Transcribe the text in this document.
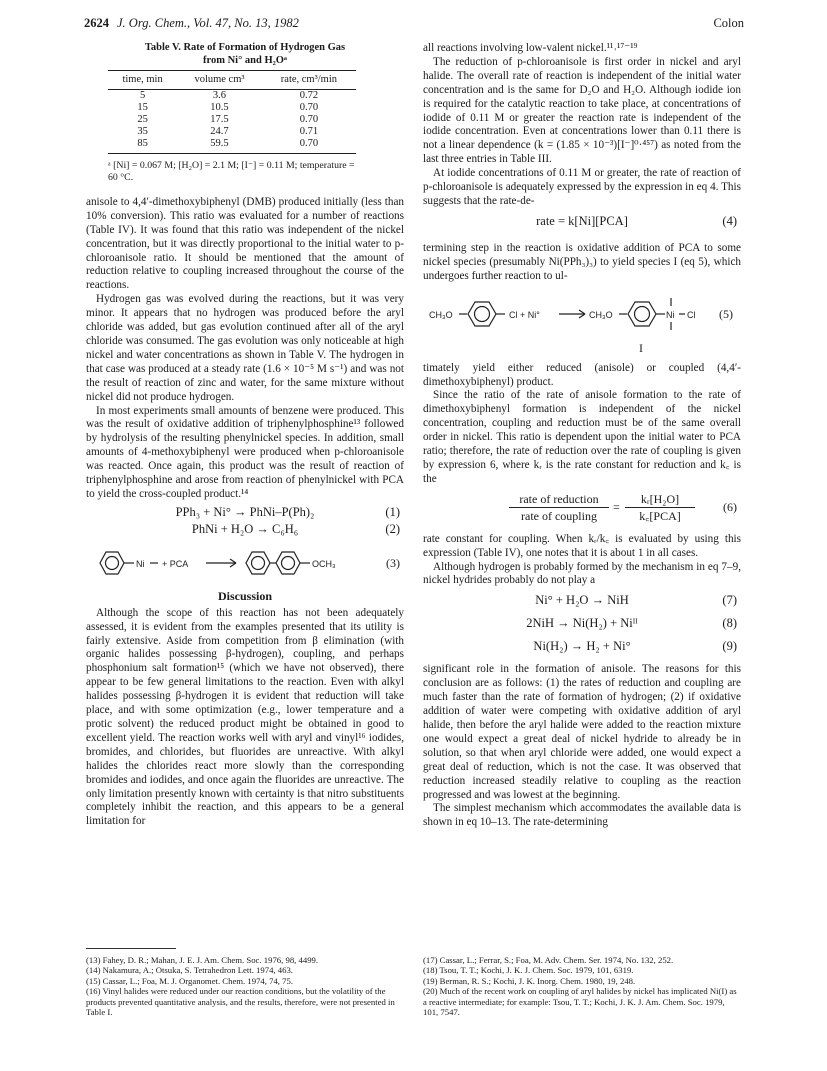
2624 J. Org. Chem., Vol. 47, No. 13, 1982	Colon
Table V. Rate of Formation of Hydrogen Gas
from Ni° and H₂Oᵃ
time, min	volume cm³	rate, cm³/min
5	3.6	0.72
15	10.5	0.70
25	17.5	0.70
35	24.7	0.71
85	59.5	0.70
ᵃ [Ni] = 0.067 M; [H₂O] = 2.1 M; [I⁻] = 0.11 M; temperature = 60 °C.

anisole to 4,4′-dimethoxybiphenyl (DMB) produced initially (less than 10% conversion). This ratio was evaluated for a number of reactions (Table IV). It was found that this ratio was independent of the nickel concentration, but it was directly proportional to the initial water to p-chloroanisole ratio. It should be mentioned that the amount of reduction relative to coupling increased throughout the course of the reactions.

Hydrogen gas was evolved during the reactions, but it was very minor. It appears that no hydrogen was produced before the aryl chloride was added, but gas evolution continued after all of the aryl chloride was consumed. The gas evolution was only noticeable at high nickel and water concentrations as shown in Table V. The hydrogen in that case was produced at a steady rate (1.6 × 10⁻⁵ M s⁻¹) and was not the result of reaction of zinc and water, for the same mixture without nickel did not produce hydrogen.

In most experiments small amounts of benzene were produced. This was the result of oxidative addition of triphenylphosphine¹³ followed by hydrolysis of the resulting phenylnickel species. In addition, small amounts of 4-methoxybiphenyl were produced when p-chloroanisole was reacted. Once again, this product was the result of reaction of triphenylphosphine and arose from reaction of phenylnickel with PCA to yield the cross-coupled product.¹⁴

PPh₃ + Ni° → PhNi–P(Ph)₂	(1)
PhNi + H₂O → C₆H₆	(2)
Ni + PCA	OCH₃	(3)
Discussion

Although the scope of this reaction has not been adequately assessed, it is evident from the examples presented that its utility is fairly extensive. Aside from competition from β elimination (with organic halides possessing β-hydrogen), coupling, and perhaps phosphonium salt formation¹⁵ (which we have not observed), there appear to be few general limitations to the reaction. Even with alkyl halides possessing β-hydrogen it is evident that reduction will take place, and with some optimization (e.g., lower temperature and a protic solvent) the reduced product might be obtained in good to excellent yield. The reaction works well with aryl and vinyl¹⁶ iodides, bromides, and chlorides, but fluorides are unreactive. With alkyl halides the chlorides react more slowly than the corresponding bromides and iodides, and once again the fluorides are unreactive. The only limitation presently known with certainty is that nitro substituents completely inhibit the reaction, and this appears to be a general limitation for

all reactions involving low-valent nickel.¹¹˒¹⁷⁻¹⁹

The reduction of p-chloroanisole is first order in nickel and aryl halide. The overall rate of reaction is independent of the initial water concentration and is the same for D₂O and H₂O. Although iodide ion is required for the catalytic reaction to take place, at concentrations of iodide of 0.11 M or greater the reaction rate is independent of the iodide concentration. Even at concentrations lower than 0.11 there is not a linear dependence (k = (1.85 × 10⁻³)[I⁻]⁰·⁴⁵⁷) as noted from the last three entries in Table III.

At iodide concentrations of 0.11 M or greater, the rate of reaction of p-chloroanisole is adequately expressed by the expression in eq 4. This suggests that the rate-de-

rate = k[Ni][PCA]	(4)

termining step in the reaction is oxidative addition of PCA to some nickel species (presumably Ni(PPh₃)₃) to yield species I (eq 5), which undergoes further reaction to ul-

CH₃O	Cl + Ni°	CH₃O	Ni Cl (5)
I

timately yield either reduced (anisole) or coupled (4,4′-dimethoxybiphenyl) product.

Since the ratio of the rate of anisole formation to the rate of dimethoxybiphenyl formation is independent of the nickel concentration, coupling and reduction must be of the same overall order in nickel. This ratio is dependent upon the initial water to PCA ratio; therefore, the rate of reduction over the rate of coupling is given by expression 6, where kᵣ is the rate constant for reduction and k꜀ is the

rate of reduction
rate of coupling
=
kᵣ[H₂O]
k꜀[PCA]
(6)

rate constant for coupling. When kᵣ/k꜀ is evaluated by using this expression (Table IV), one notes that it is about 1 in all cases.

Although hydrogen is probably formed by the mechanism in eq 7–9, nickel hydrides probably do not play a

Ni° + H₂O → NiH	(7)
2NiH → Ni(H₂) + Niᴵᴵ	(8)
Ni(H₂) → H₂ + Ni°	(9)

significant role in the formation of anisole. The reasons for this conclusion are as follows: (1) the rates of reduction and coupling are much faster than the rate of formation of hydrogen; (2) if oxidative addition of water were competing with oxidative addition of aryl halide, then before the aryl halide were added to the reaction mixture one would expect a great deal of nickel hydride to already be in solution, so that when aryl chloride were added, one would expect a great deal of reduction, which is not the case. It was observed that reduction increased steadily relative to coupling as the reaction progressed and was lowest at the beginning.

The simplest mechanism which accommodates the available data is shown in eq 10–13. The rate-determining

(13) Fahey, D. R.; Mahan, J. E. J. Am. Chem. Soc. 1976, 98, 4499.
(14) Nakamura, A.; Otsuka, S. Tetrahedron Lett. 1974, 463.
(15) Cassar, L.; Foa, M. J. Organomet. Chem. 1974, 74, 75.
(16) Vinyl halides were reduced under our reaction conditions, but the volatility of the products prevented quantitative analysis, and the results, therefore, were not presented in Table I.
(17) Cassar, L.; Ferrar, S.; Foa, M. Adv. Chem. Ser. 1974, No. 132, 252.
(18) Tsou, T. T.; Kochi, J. K. J. Chem. Soc. 1979, 101, 6319.
(19) Berman, R. S.; Kochi, J. K. Inorg. Chem. 1980, 19, 248.
(20) Much of the recent work on coupling of aryl halides by nickel has implicated Ni(I) as a reactive intermediate; for example: Tsou, T. T.; Kochi, J. K. J. Am. Chem. Soc. 1979, 101, 7547.
